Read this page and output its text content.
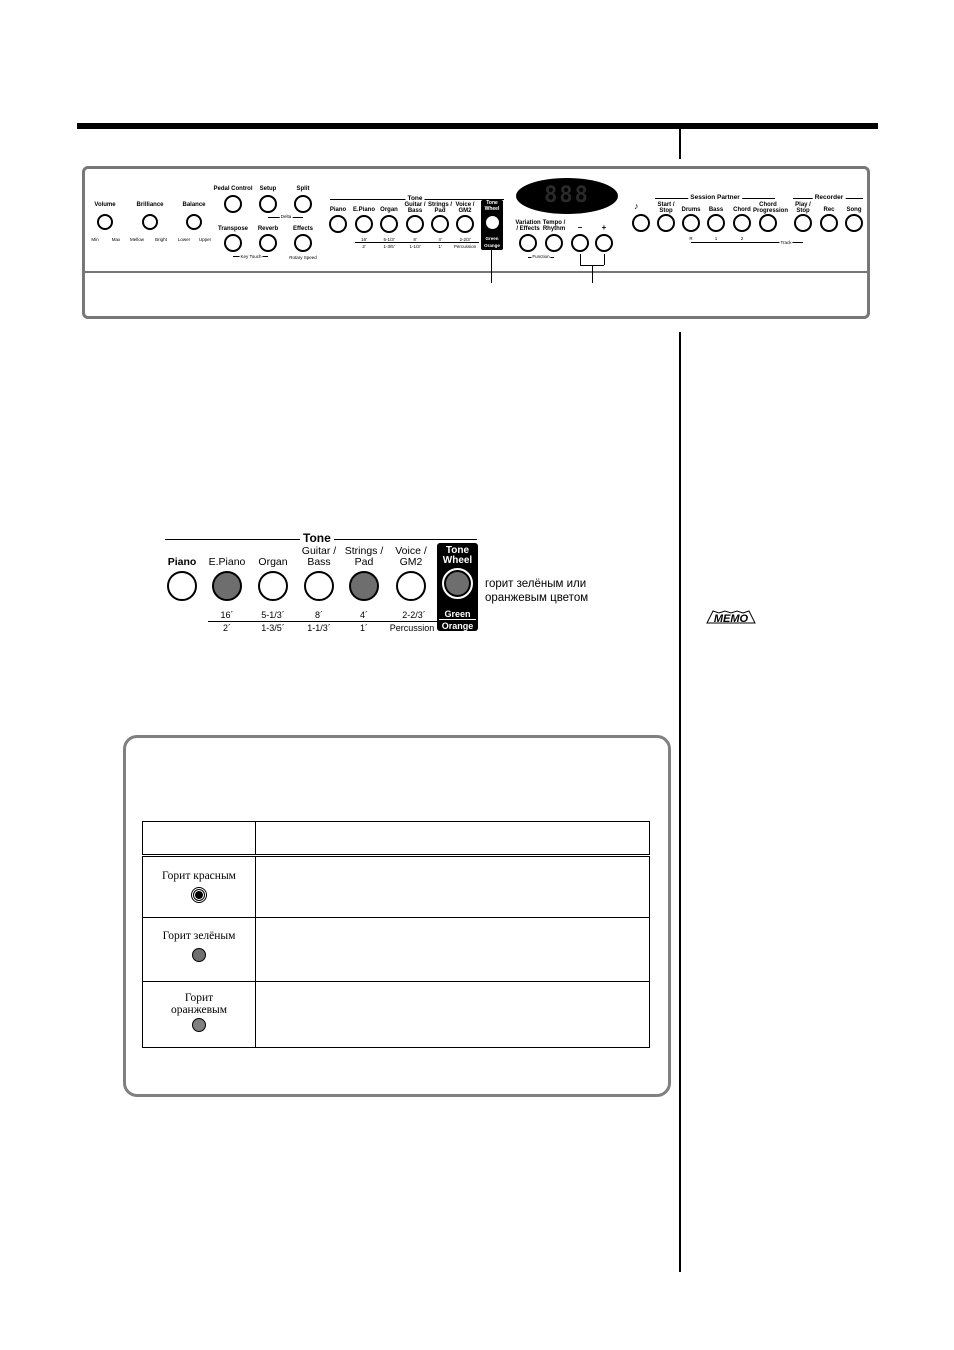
Volume
Min	Max
Brilliance
Mellow Bright
Balance
Lower Upper
Pedal Control Setup	Split
Delta
Transpose Reverb Effects
Key Touch	Rotary Speed
Tone
Piano E.Piano Organ
Guitar / Bass
Strings / Pad
Voice / GM2
16'	5-1/3'	8'	4'	2-2/3'
2'	1-3/5'	1-1/3'	1'	Percussion
Tone Wheel
Green
Orange
Variation / Effects
Tempo / Rhythm
Function
− +
888	♪
Session Partner
Start / Stop	Drums Bass Chord
Chord Progression
R	1	2
Track
Recorder
Play / Stop	Rec Song
Tone
Piano E.Piano Organ
Guitar /
Bass
Strings /
Pad
Voice /
GM2
16´	5-1/3´	8´	4´	2-2/3´
2´	1-3/5´ 1-1/3´	1´ Percussion
Tone
Wheel
Green
Orange
горит зелёным или
оранжевым цветом
MEMO

Горит красным

Горит зелёным

Горит
оранжевым
